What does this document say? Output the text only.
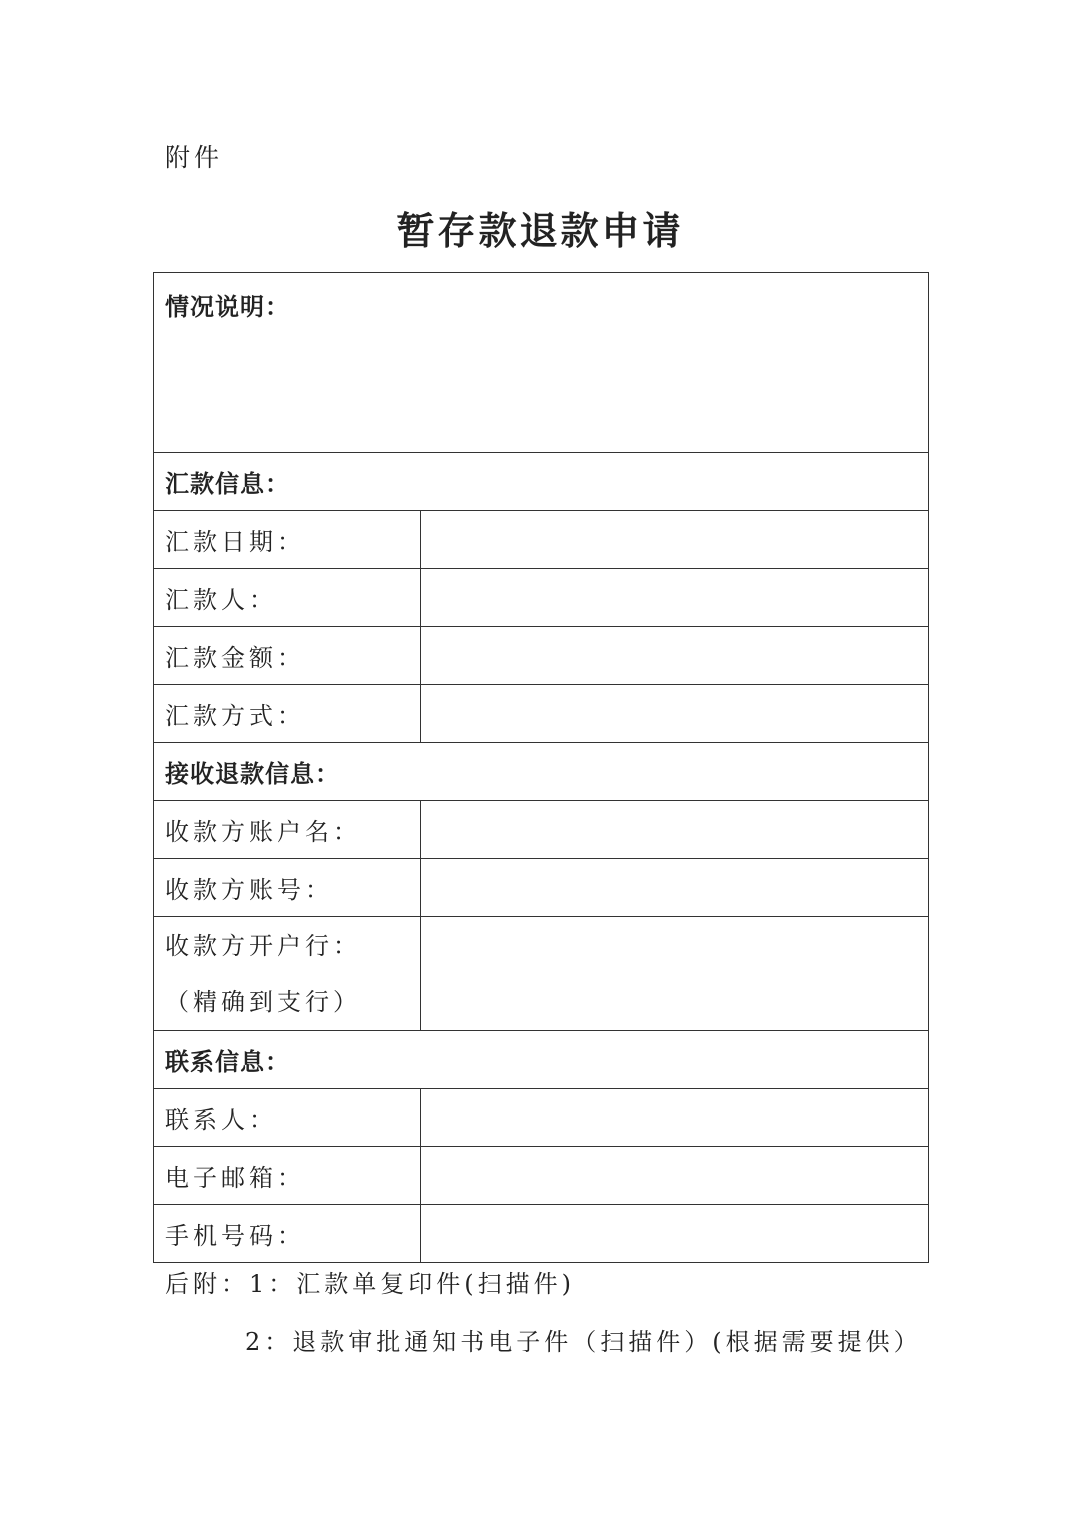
附件
暂存款退款申请
情况说明：	
汇款信息：	
汇款日期：	
汇款人：	
汇款金额：	
汇款方式：	
接收退款信息：	
收款方账户名：	
收款方账号：	

收款方开户行：
（精确到支行）	

联系信息：	
联系人：	
电子邮箱：	
手机号码：	
后附：1：汇款单复印件(扫描件)
2：退款审批通知书电子件（扫描件）(根据需要提供）
